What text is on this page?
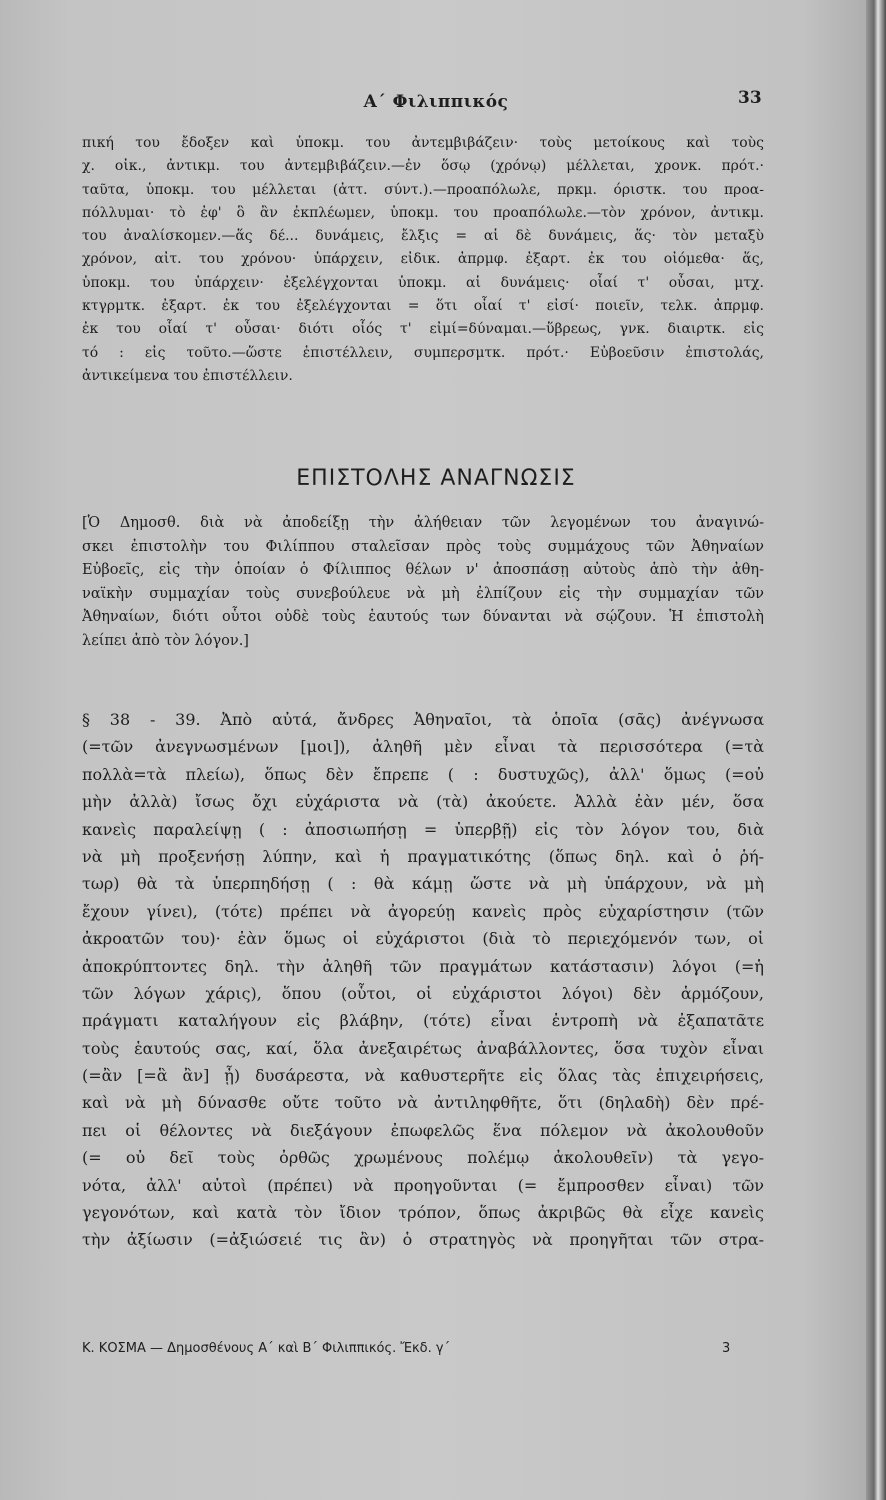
Α΄ Φιλιππικός	33
πική του ἔδοξεν καὶ ὑποκμ. του ἀντεμβιβάζειν· τοὺς μετοίκους καὶ τοὺς
χ. οἰκ., ἀντικμ. του ἀντεμβιβάζειν.—ἐν ὅσῳ (χρόνῳ) μέλλεται, χρονκ. πρότ.·
ταῦτα, ὑποκμ. του μέλλεται (ἀττ. σύντ.).—προαπόλωλε, πρκμ. όριστκ. του προα-
πόλλυμαι· τὸ ἐφ' ὃ ἂν ἐκπλέωμεν, ὑποκμ. του προαπόλωλε.—τὸν χρόνον, ἀντικμ.
του ἀναλίσκομεν.—ἅς δέ... δυνάμεις, ἔλξις = αἱ δὲ δυνάμεις, ἅς· τὸν μεταξὺ
χρόνον, αἰτ. του χρόνου· ὑπάρχειν, εἰδικ. ἀπρμφ. ἐξαρτ. ἐκ του οἰόμεθα· ἅς,
ὑποκμ. του ὑπάρχειν· ἐξελέγχονται ὑποκμ. αἱ δυνάμεις· οἷαί τ' οὖσαι, μτχ.
κτγρμτκ. ἐξαρτ. ἐκ του ἐξελέγχονται = ὅτι οἷαί τ' εἰσί· ποιεῖν, τελκ. ἀπρμφ.
ἐκ του οἷαί τ' οὖσαι· διότι οἷός τ' εἰμί=δύναμαι.—ὕβρεως, γνκ. διαιρτκ. εἰς
τό : εἰς τοῦτο.—ὥστε ἐπιστέλλειν, συμπερσμτκ. πρότ.· Εὐβοεῦσιν ἐπιστολάς,
ἀντικείμενα του ἐπιστέλλειν.
ΕΠΙΣΤΟΛΗΣ ΑΝΑΓΝΩΣΙΣ
[Ὁ Δημοσθ. διὰ νὰ ἀποδείξῃ τὴν ἀλήθειαν τῶν λεγομένων του ἀναγινώ-
σκει ἐπιστολὴν του Φιλίππου σταλεῖσαν πρὸς τοὺς συμμάχους τῶν Ἀθηναίων
Εὐβοεῖς, εἰς τὴν ὁποίαν ὁ Φίλιππος θέλων ν' ἀποσπάσῃ αὐτοὺς ἀπὸ τὴν ἀθη-
ναϊκὴν συμμαχίαν τοὺς συνεβούλευε νὰ μὴ ἐλπίζουν εἰς τὴν συμμαχίαν τῶν
Ἀθηναίων, διότι οὗτοι οὐδὲ τοὺς ἑαυτούς των δύνανται νὰ σῴζουν. Ἡ ἐπιστολὴ
λείπει ἀπὸ τὸν λόγον.]
§ 38 - 39. Ἀπὸ αὐτά, ἄνδρες Ἀθηναῖοι, τὰ ὁποῖα (σᾶς) ἀνέγνωσα
(=τῶν ἀνεγνωσμένων [μοι]), ἀληθῆ μὲν εἶναι τὰ περισσότερα (=τὰ
πολλὰ=τὰ πλείω), ὅπως δὲν ἔπρεπε ( : δυστυχῶς), ἀλλ' ὅμως (=οὐ
μὴν ἀλλὰ) ἴσως ὄχι εὐχάριστα νὰ (τὰ) ἀκούετε. Ἀλλὰ ἐὰν μέν, ὅσα
κανεὶς παραλείψῃ ( : ἀποσιωπήσῃ = ὑπερβῇ) εἰς τὸν λόγον του, διὰ
νὰ μὴ προξενήσῃ λύπην, καὶ ἡ πραγματικότης (ὅπως δηλ. καὶ ὁ ῥή-
τωρ) θὰ τὰ ὑπερπηδήσῃ ( : θὰ κάμῃ ὥστε νὰ μὴ ὑπάρχουν, νὰ μὴ
ἔχουν γίνει), (τότε) πρέπει νὰ ἀγορεύῃ κανεὶς πρὸς εὐχαρίστησιν (τῶν
ἀκροατῶν του)· ἐὰν ὅμως οἱ εὐχάριστοι (διὰ τὸ περιεχόμενόν των, οἱ
ἀποκρύπτοντες δηλ. τὴν ἀληθῆ τῶν πραγμάτων κατάστασιν) λόγοι (=ἡ
τῶν λόγων χάρις), ὅπου (οὗτοι, οἱ εὐχάριστοι λόγοι) δὲν ἁρμόζουν,
πράγματι καταλήγουν εἰς βλάβην, (τότε) εἶναι ἐντροπὴ νὰ ἐξαπατᾶτε
τοὺς ἑαυτούς σας, καί, ὅλα ἀνεξαιρέτως ἀναβάλλοντες, ὅσα τυχὸν εἶναι
(=ἂν [=ἃ ἂν] ᾖ) δυσάρεστα, νὰ καθυστερῆτε εἰς ὅλας τὰς ἐπιχειρήσεις,
καὶ νὰ μὴ δύνασθε οὔτε τοῦτο νὰ ἀντιληφθῆτε, ὅτι (δηλαδὴ) δὲν πρέ-
πει οἱ θέλοντες νὰ διεξάγουν ἐπωφελῶς ἕνα πόλεμον νὰ ἀκολουθοῦν
(= οὐ δεῖ τοὺς ὀρθῶς χρωμένους πολέμῳ ἀκολουθεῖν) τὰ γεγο-
νότα, ἀλλ' αὐτοὶ (πρέπει) νὰ προηγοῦνται (= ἔμπροσθεν εἶναι) τῶν
γεγονότων, καὶ κατὰ τὸν ἴδιον τρόπον, ὅπως ἀκριβῶς θὰ εἶχε κανεὶς
τὴν ἀξίωσιν (=ἀξιώσειέ τις ἂν) ὁ στρατηγὸς νὰ προηγῆται τῶν στρα-
Κ. ΚΟΣΜΑ — Δημοσθένους Α΄ καὶ Β΄ Φιλιππικός. Ἔκδ. γ΄	3
